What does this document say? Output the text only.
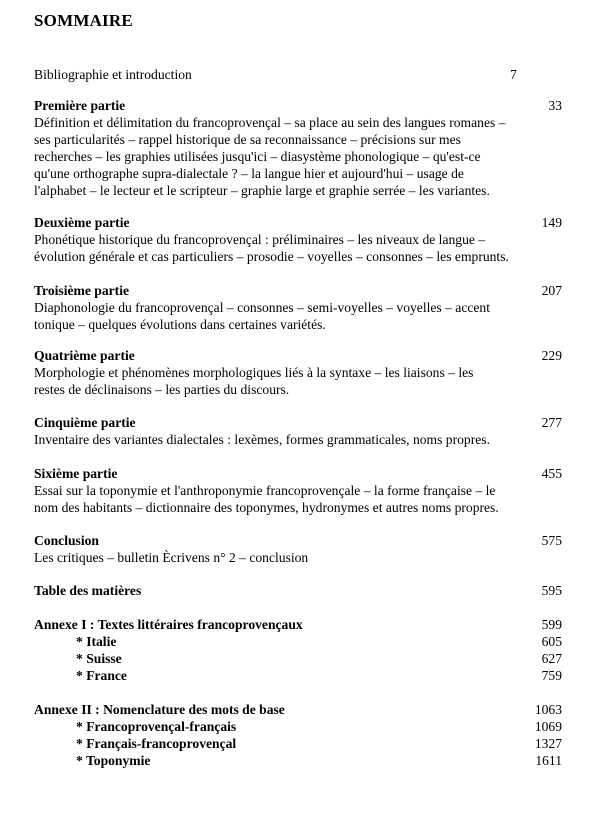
SOMMAIRE
Bibliographie et introduction	7
Première partie	33
Définition et délimitation du francoprovençal – sa place au sein des langues romanes –
ses particularités – rappel historique de sa reconnaissance – précisions sur mes
recherches – les graphies utilisées jusqu'ici – diasystème phonologique – qu'est-ce
qu'une orthographe supra-dialectale ? – la langue hier et aujourd'hui – usage de
l'alphabet – le lecteur et le scripteur – graphie large et graphie serrée – les variantes.
Deuxième partie	149
Phonétique historique du francoprovençal : préliminaires – les niveaux de langue –
évolution générale et cas particuliers – prosodie – voyelles – consonnes – les emprunts.
Troisième partie	207
Diaphonologie du francoprovençal – consonnes – semi-voyelles – voyelles – accent
tonique – quelques évolutions dans certaines variétés.
Quatrième partie	229
Morphologie et phénomènes morphologiques liés à la syntaxe – les liaisons – les
restes de déclinaisons – les parties du discours.
Cinquième partie	277
Inventaire des variantes dialectales : lexèmes, formes grammaticales, noms propres.
Sixième partie	455
Essai sur la toponymie et l'anthroponymie francoprovençale – la forme française – le
nom des habitants – dictionnaire des toponymes, hydronymes et autres noms propres.
Conclusion	575
Les critiques – bulletin Ècrivens n° 2 – conclusion
Table des matières	595
Annexe I : Textes littéraires francoprovençaux	599
* Italie	605
* Suisse	627
* France	759
Annexe II : Nomenclature des mots de base	1063
* Francoprovençal-français	1069
* Français-francoprovençal	1327
* Toponymie	1611
